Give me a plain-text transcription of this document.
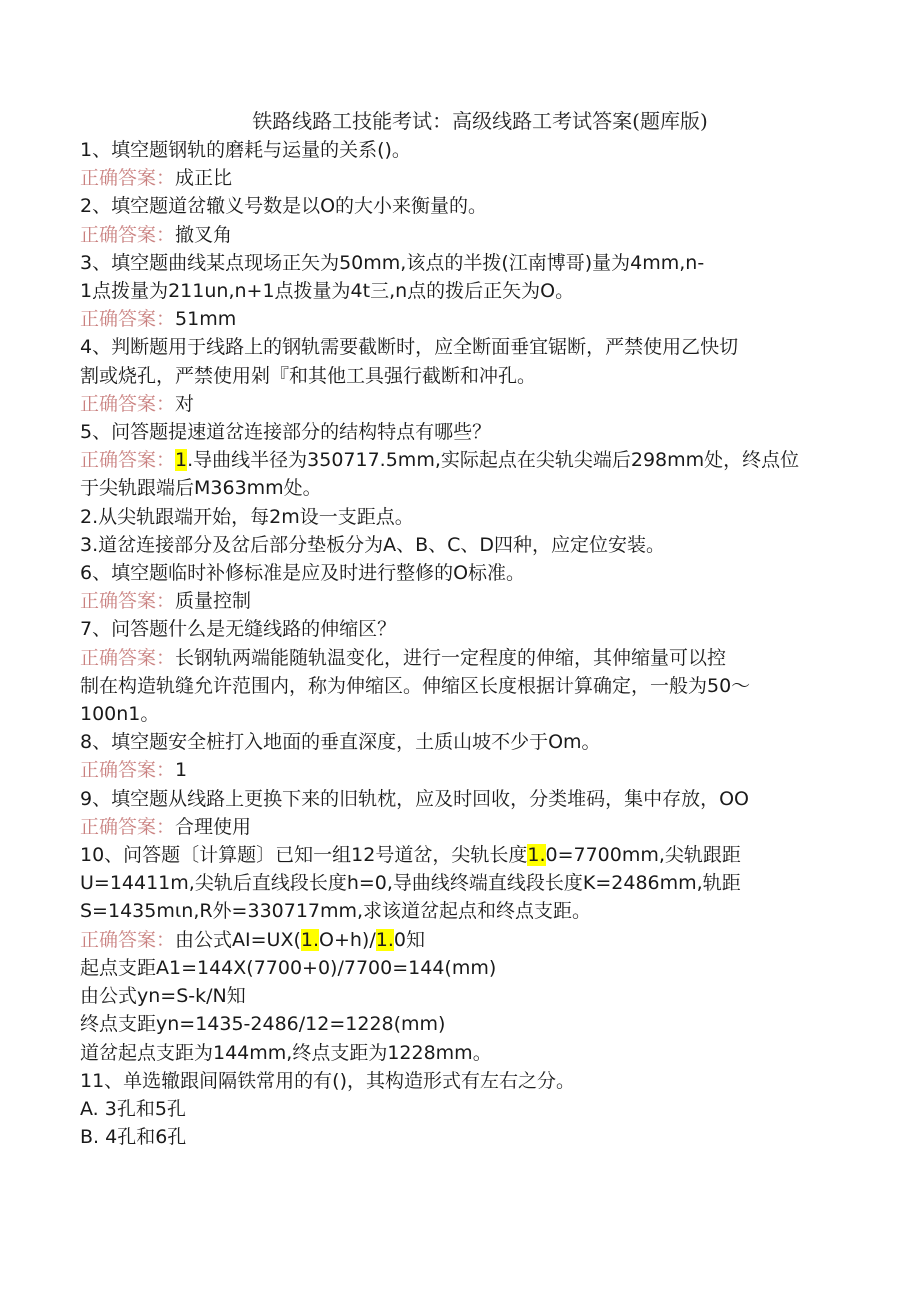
铁路线路工技能考试：高级线路工考试答案(题库版)
1、填空题钢轨的磨耗与运量的关系()。
正确答案：成正比
2、填空题道岔辙义号数是以O的大小来衡量的。
正确答案：撤叉角
3、填空题曲线某点现场正矢为50mm,该点的半拨(江南博哥)量为4mm,n-
1点拨量为211un,n+1点拨量为4t三,n点的拨后正矢为O。
正确答案：51mm
4、判断题用于线路上的钢轨需要截断时，应全断面垂宜锯断，严禁使用乙快切
割或烧孔，严禁使用剁『和其他工具强行截断和冲孔。
正确答案：对
5、问答题提速道岔连接部分的结构特点有哪些？
正确答案：1.导曲线半径为350717.5mm,实际起点在尖轨尖端后298mm处，终点位
于尖轨跟端后M363mm处。
2.从尖轨跟端开始，每2m设一支距点。
3.道岔连接部分及岔后部分垫板分为A、B、C、D四种，应定位安装。
6、填空题临时补修标准是应及时进行整修的O标准。
正确答案：质量控制
7、问答题什么是无缝线路的伸缩区？
正确答案：长钢轨两端能随轨温变化，进行一定程度的伸缩，其伸缩量可以控
制在构造轨缝允许范围内，称为伸缩区。伸缩区长度根据计算确定，一般为50〜
100n1。
8、填空题安全桩打入地面的垂直深度，土质山坡不少于Om。
正确答案：1
9、填空题从线路上更换下来的旧轨枕，应及时回收，分类堆码，集中存放，OO
正确答案：合理使用
10、问答题〔计算题〕已知一组12号道岔，尖轨长度1.0=7700mm,尖轨跟距
U=14411m,尖轨后直线段长度h=0,导曲线终端直线段长度K=2486mm,轨距
S=1435mιn,R外=330717mm,求该道岔起点和终点支距。
正确答案：由公式AI=UX(1.O+h)/1.0知
起点支距A1=144X(7700+0)/7700=144(mm)
由公式yn=S-k/N知
终点支距yn=1435-2486/12=1228(mm)
道岔起点支距为144mm,终点支距为1228mm。
11、单选辙跟间隔铁常用的有()，其构造形式有左右之分。
A. 3孔和5孔
B. 4孔和6孔
